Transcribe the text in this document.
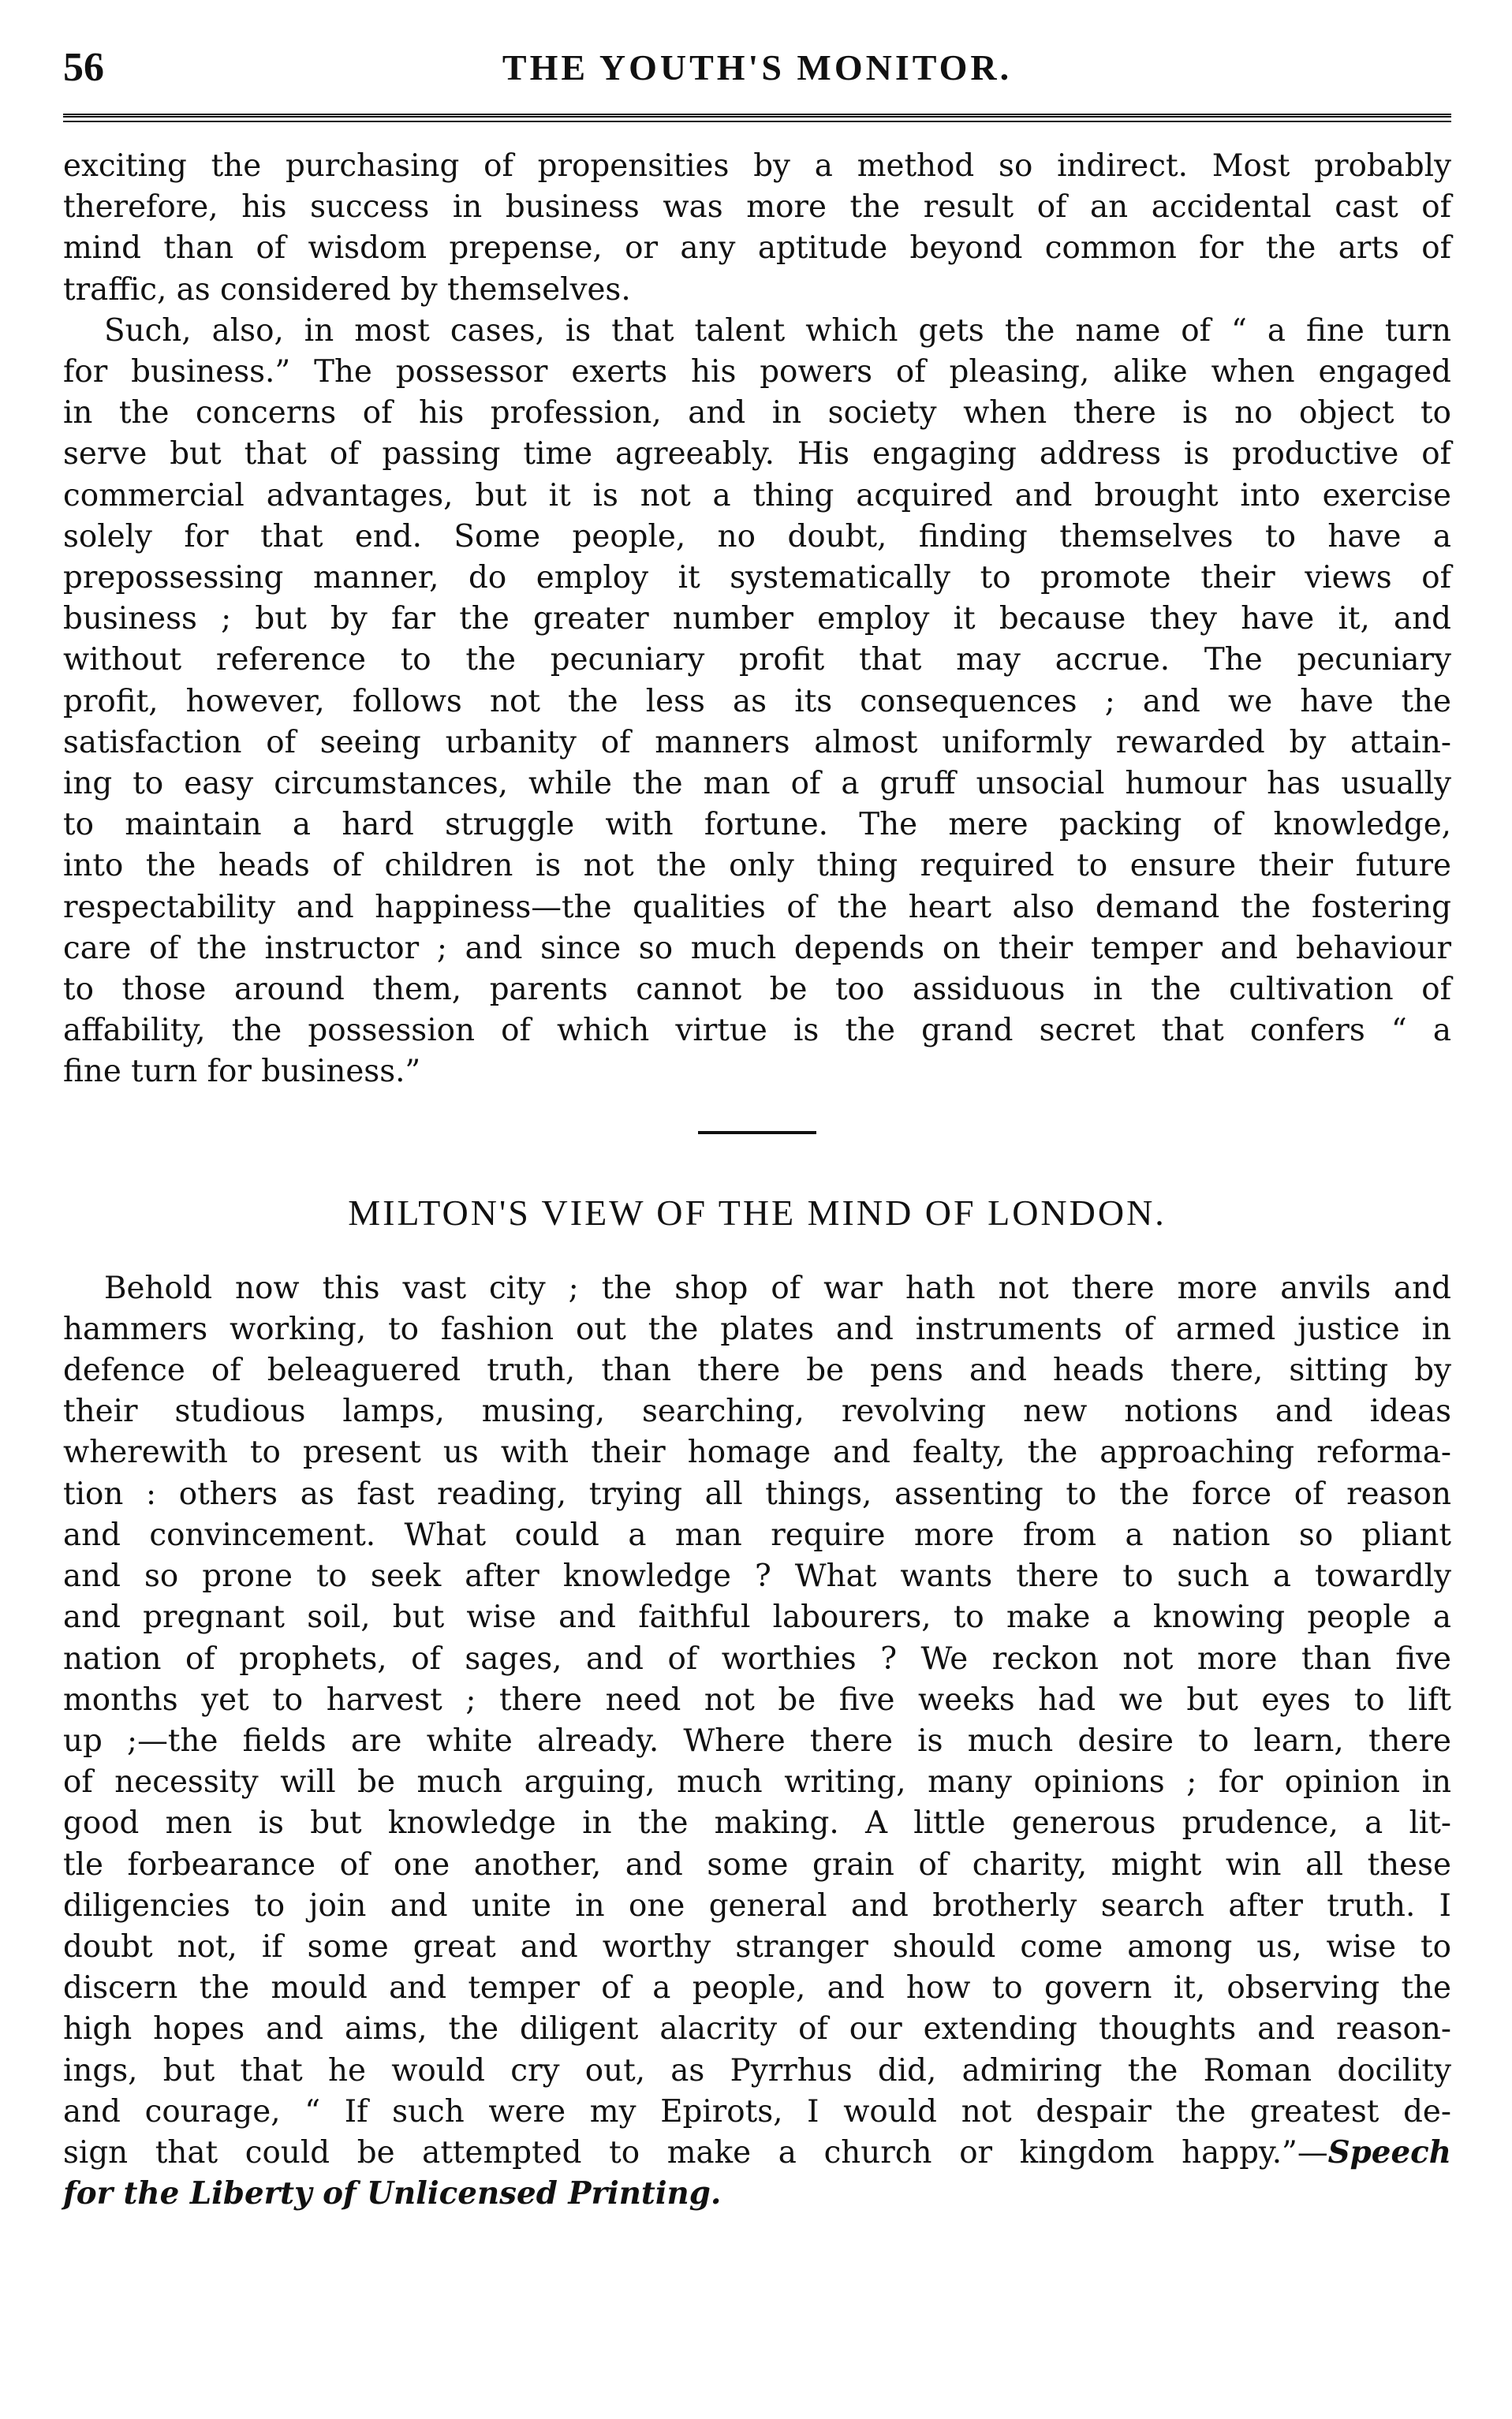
56	THE YOUTH'S MONITOR.
exciting the purchasing of propensities by a method so indirect. Most probably
therefore, his success in business was more the result of an accidental cast of
mind than of wisdom prepense, or any aptitude beyond common for the arts of
traffic, as considered by themselves.
Such, also, in most cases, is that talent which gets the name of “ a fine turn
for business.” The possessor exerts his powers of pleasing, alike when engaged
in the concerns of his profession, and in society when there is no object to
serve but that of passing time agreeably. His engaging address is productive of
commercial advantages, but it is not a thing acquired and brought into exercise
solely for that end. Some people, no doubt, finding themselves to have a
prepossessing manner, do employ it systematically to promote their views of
business ; but by far the greater number employ it because they have it, and
without reference to the pecuniary profit that may accrue. The pecuniary
profit, however, follows not the less as its consequences ; and we have the
satisfaction of seeing urbanity of manners almost uniformly rewarded by attain-
ing to easy circumstances, while the man of a gruff unsocial humour has usually
to maintain a hard struggle with fortune. The mere packing of knowledge,
into the heads of children is not the only thing required to ensure their future
respectability and happiness—the qualities of the heart also demand the fostering
care of the instructor ; and since so much depends on their temper and behaviour
to those around them, parents cannot be too assiduous in the cultivation of
affability, the possession of which virtue is the grand secret that confers “ a
fine turn for business.”
MILTON'S VIEW OF THE MIND OF LONDON.
Behold now this vast city ; the shop of war hath not there more anvils and
hammers working, to fashion out the plates and instruments of armed justice in
defence of beleaguered truth, than there be pens and heads there, sitting by
their studious lamps, musing, searching, revolving new notions and ideas
wherewith to present us with their homage and fealty, the approaching reforma-
tion : others as fast reading, trying all things, assenting to the force of reason
and convincement. What could a man require more from a nation so pliant
and so prone to seek after knowledge ? What wants there to such a towardly
and pregnant soil, but wise and faithful labourers, to make a knowing people a
nation of prophets, of sages, and of worthies ? We reckon not more than five
months yet to harvest ; there need not be five weeks had we but eyes to lift
up ;—the fields are white already. Where there is much desire to learn, there
of necessity will be much arguing, much writing, many opinions ; for opinion in
good men is but knowledge in the making. A little generous prudence, a lit-
tle forbearance of one another, and some grain of charity, might win all these
diligencies to join and unite in one general and brotherly search after truth. I
doubt not, if some great and worthy stranger should come among us, wise to
discern the mould and temper of a people, and how to govern it, observing the
high hopes and aims, the diligent alacrity of our extending thoughts and reason-
ings, but that he would cry out, as Pyrrhus did, admiring the Roman docility
and courage, “ If such were my Epirots, I would not despair the greatest de-
sign that could be attempted to make a church or kingdom happy.”—Speech
for the Liberty of Unlicensed Printing.
